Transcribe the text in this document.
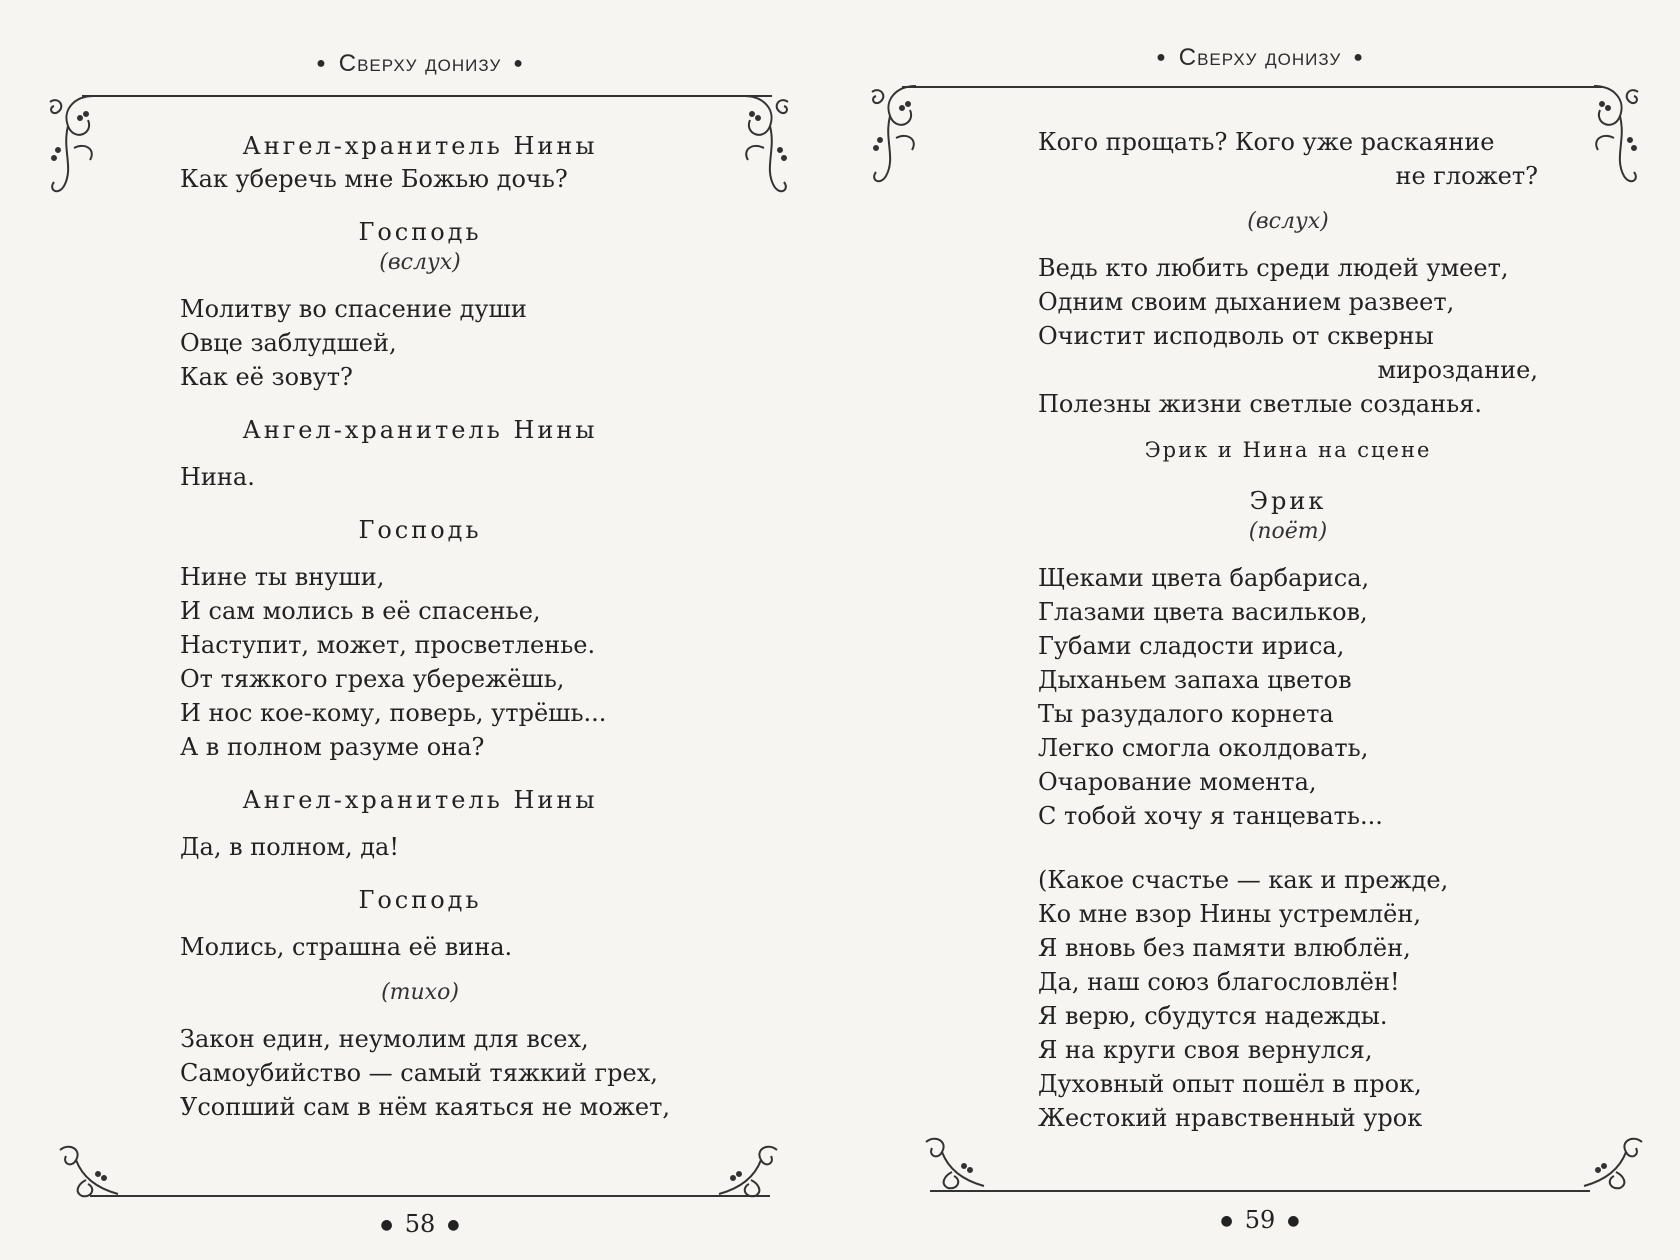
● Сверху донизу ●

Ангел-хранитель Нины

Как уберечь мне Божью дочь?

Господь

(вслух)

Молитву во спасение души

Овце заблудшей,

Как её зовут?

Ангел-хранитель Нины

Нина.

Господь

Нине ты внуши,

И сам молись в её спасенье,

Наступит, может, просветленье.

От тяжкого греха убережёшь,

И нос кое-кому, поверь, утрёшь...

А в полном разуме она?

Ангел-хранитель Нины

Да, в полном, да!

Господь

Молись, страшна её вина.

(тихо)

Закон един, неумолим для всех,

Самоубийство — самый тяжкий грех,

Усопший сам в нём каяться не может,

● 58 ●
● Сверху донизу ●

Кого прощать? Кого уже раскаяние

не гложет?

(вслух)

Ведь кто любить среди людей умеет,

Одним своим дыханием развеет,

Очистит исподволь от скверны

мироздание,

Полезны жизни светлые созданья.

Эрик и Нина на сцене

Эрик

(поёт)

Щеками цвета барбариса,

Глазами цвета васильков,

Губами сладости ириса,

Дыханьем запаха цветов

Ты разудалого корнета

Легко смогла околдовать,

Очарование момента,

С тобой хочу я танцевать...

(Какое счастье — как и прежде,

Ко мне взор Нины устремлён,

Я вновь без памяти влюблён,

Да, наш союз благословлён!

Я верю, сбудутся надежды.

Я на круги своя вернулся,

Духовный опыт пошёл в прок,

Жестокий нравственный урок

● 59 ●
